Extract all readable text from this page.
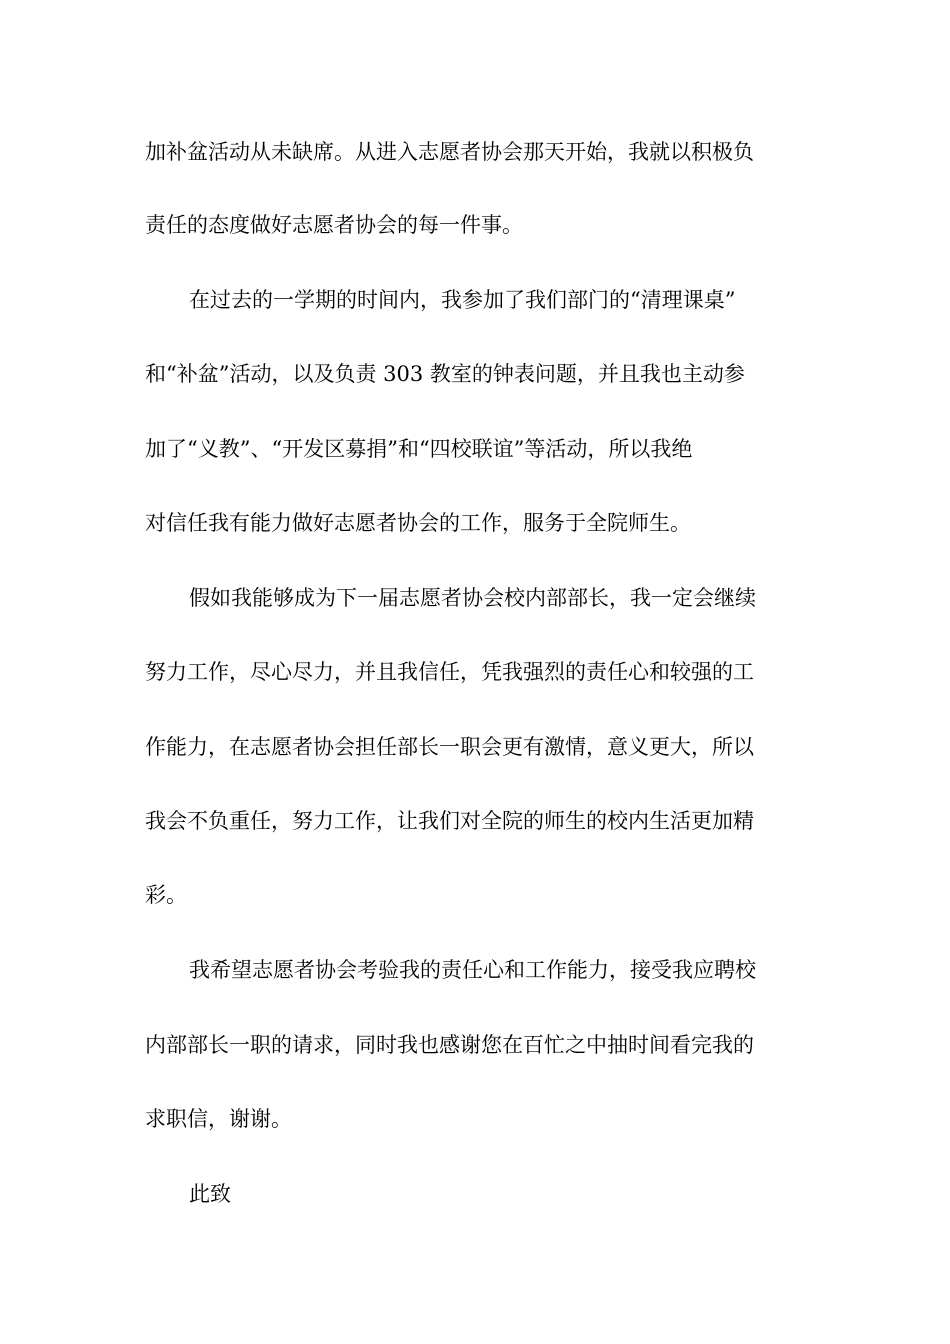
加补盆活动从未缺席。从进入志愿者协会那天开始，我就以积极负
责任的态度做好志愿者协会的每一件事。
在过去的一学期的时间内，我参加了我们部门的“清理课桌”
和“补盆”活动，以及负责 303 教室的钟表问题，并且我也主动参
加了“义教”、“开发区募捐”和“四校联谊”等活动，所以我绝
对信任我有能力做好志愿者协会的工作，服务于全院师生。
假如我能够成为下一届志愿者协会校内部部长，我一定会继续
努力工作，尽心尽力，并且我信任，凭我强烈的责任心和较强的工
作能力，在志愿者协会担任部长一职会更有激情，意义更大，所以
我会不负重任，努力工作，让我们对全院的师生的校内生活更加精
彩。
我希望志愿者协会考验我的责任心和工作能力，接受我应聘校
内部部长一职的请求，同时我也感谢您在百忙之中抽时间看完我的
求职信，谢谢。
此致
